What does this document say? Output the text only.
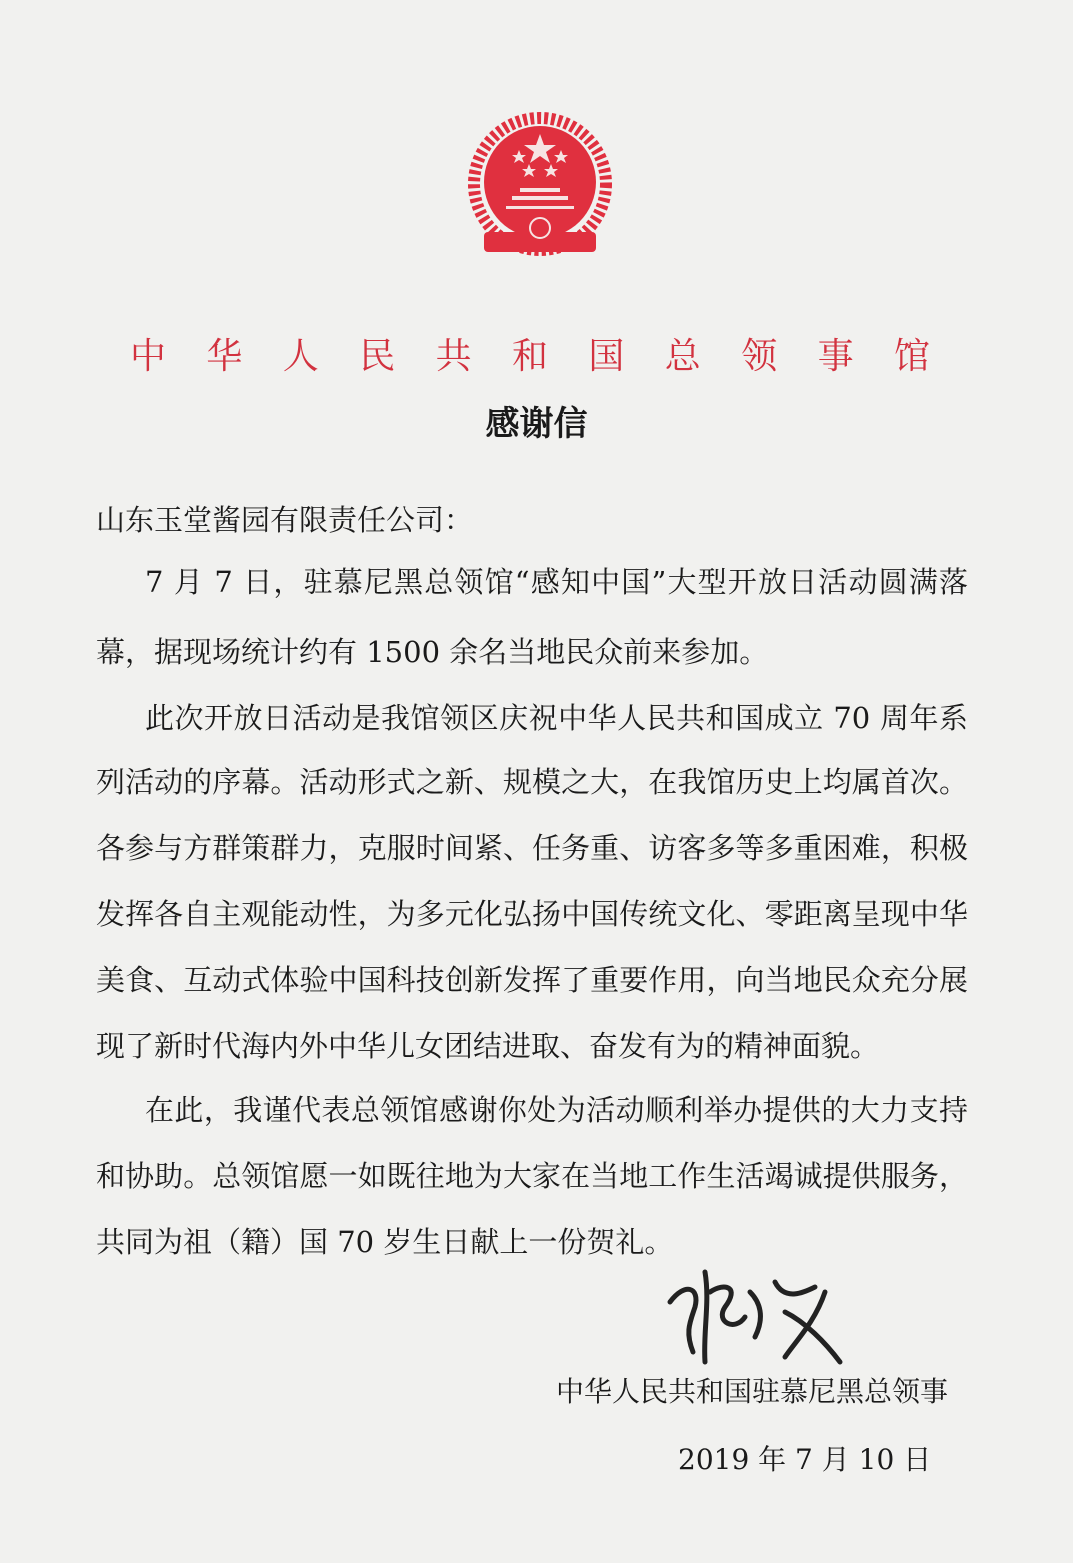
中华人民共和国总领事馆
感谢信
山东玉堂酱园有限责任公司：
7 月 7 日，驻慕尼黑总领馆“感知中国”大型开放日活动圆满落
幕，据现场统计约有 1500 余名当地民众前来参加。
此次开放日活动是我馆领区庆祝中华人民共和国成立 70 周年系
列活动的序幕。活动形式之新、规模之大，在我馆历史上均属首次。
各参与方群策群力，克服时间紧、任务重、访客多等多重困难，积极
发挥各自主观能动性，为多元化弘扬中国传统文化、零距离呈现中华
美食、互动式体验中国科技创新发挥了重要作用，向当地民众充分展
现了新时代海内外中华儿女团结进取、奋发有为的精神面貌。
在此，我谨代表总领馆感谢你处为活动顺利举办提供的大力支持
和协助。总领馆愿一如既往地为大家在当地工作生活竭诚提供服务，
共同为祖（籍）国 70 岁生日献上一份贺礼。
中华人民共和国驻慕尼黑总领事
2019 年 7 月 10 日
